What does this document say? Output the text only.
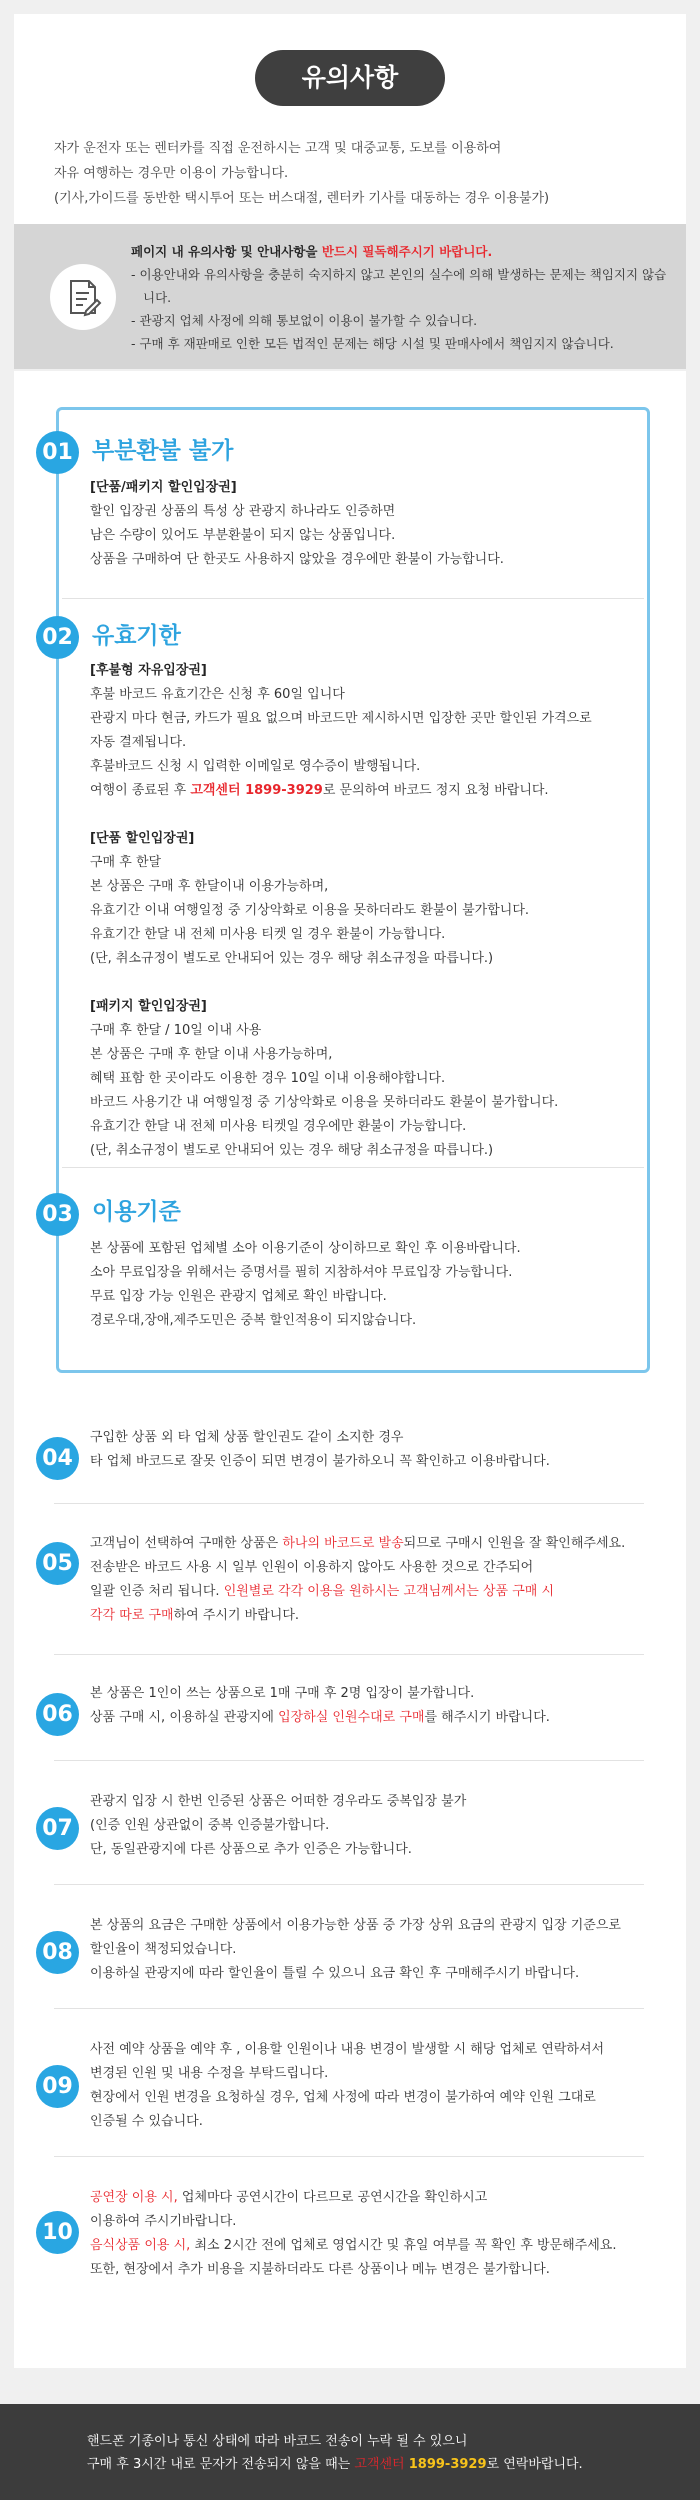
유의사항
자가 운전자 또는 렌터카를 직접 운전하시는 고객 및 대중교통, 도보를 이용하여
자유 여행하는 경우만 이용이 가능합니다.
(기사,가이드를 동반한 택시투어 또는 버스대절, 렌터카 기사를 대동하는 경우 이용불가)
페이지 내 유의사항 및 안내사항을 반드시 필독해주시기 바랍니다.
- 이용안내와 유의사항을 충분히 숙지하지 않고 본인의 실수에 의해 발생하는 문제는 책임지지 않습니다.
- 관광지 업체 사정에 의해 통보없이 이용이 불가할 수 있습니다.
- 구매 후 재판매로 인한 모든 법적인 문제는 해당 시설 및 판매사에서 책임지지 않습니다.
01 부분환불 불가
[단품/패키지 할인입장권]
할인 입장권 상품의 특성 상 관광지 하나라도 인증하면
남은 수량이 있어도 부분환불이 되지 않는 상품입니다.
상품을 구매하여 단 한곳도 사용하지 않았을 경우에만 환불이 가능합니다.
02 유효기한
[후불형 자유입장권]
후불 바코드 유효기간은 신청 후 60일 입니다
관광지 마다 현금, 카드가 필요 없으며 바코드만 제시하시면 입장한 곳만 할인된 가격으로
자동 결제됩니다.
후불바코드 신청 시 입력한 이메일로 영수증이 발행됩니다.
여행이 종료된 후 고객센터 1899-3929로 문의하여 바코드 정지 요청 바랍니다.
[단품 할인입장권]
구매 후 한달
본 상품은 구매 후 한달이내 이용가능하며,
유효기간 이내 여행일정 중 기상악화로 이용을 못하더라도 환불이 불가합니다.
유효기간 한달 내 전체 미사용 티켓 일 경우 환불이 가능합니다.
(단, 취소규정이 별도로 안내되어 있는 경우 해당 취소규정을 따릅니다.)
[패키지 할인입장권]
구매 후 한달 / 10일 이내 사용
본 상품은 구매 후 한달 이내 사용가능하며,
혜택 표함 한 곳이라도 이용한 경우 10일 이내 이용해야합니다.
바코드 사용기간 내 여행일정 중 기상악화로 이용을 못하더라도 환불이 불가합니다.
유효기간 한달 내 전체 미사용 티켓일 경우에만 환불이 가능합니다.
(단, 취소규정이 별도로 안내되어 있는 경우 해당 취소규정을 따릅니다.)
03 이용기준
본 상품에 포함된 업체별 소아 이용기준이 상이하므로 확인 후 이용바랍니다.
소아 무료입장을 위해서는 증명서를 필히 지참하셔야 무료입장 가능합니다.
무료 입장 가능 인원은 관광지 업체로 확인 바랍니다.
경로우대,장애,제주도민은 중복 할인적용이 되지않습니다.
04
구입한 상품 외 타 업체 상품 할인권도 같이 소지한 경우
타 업체 바코드로 잘못 인증이 되면 변경이 불가하오니 꼭 확인하고 이용바랍니다.
05
고객님이 선택하여 구매한 상품은 하나의 바코드로 발송되므로 구매시 인원을 잘 확인해주세요.
전송받은 바코드 사용 시 일부 인원이 이용하지 않아도 사용한 것으로 간주되어
일괄 인증 처리 됩니다. 인원별로 각각 이용을 원하시는 고객님께서는 상품 구매 시
각각 따로 구매하여 주시기 바랍니다.
06
본 상품은 1인이 쓰는 상품으로 1매 구매 후 2명 입장이 불가합니다.
상품 구매 시, 이용하실 관광지에 입장하실 인원수대로 구매를 해주시기 바랍니다.
07
관광지 입장 시 한번 인증된 상품은 어떠한 경우라도 중복입장 불가
(인증 인원 상관없이 중복 인증불가합니다.
단, 동일관광지에 다른 상품으로 추가 인증은 가능합니다.
08
본 상품의 요금은 구매한 상품에서 이용가능한 상품 중 가장 상위 요금의 관광지 입장 기준으로
할인율이 책정되었습니다.
이용하실 관광지에 따라 할인율이 틀릴 수 있으니 요금 확인 후 구매해주시기 바랍니다.
09
사전 예약 상품을 예약 후 , 이용할 인원이나 내용 변경이 발생할 시 해당 업체로 연락하셔서
변경된 인원 및 내용 수정을 부탁드립니다.
현장에서 인원 변경을 요청하실 경우, 업체 사정에 따라 변경이 불가하여 예약 인원 그대로
인증될 수 있습니다.
10
공연장 이용 시, 업체마다 공연시간이 다르므로 공연시간을 확인하시고
이용하여 주시기바랍니다.
음식상품 이용 시, 최소 2시간 전에 업체로 영업시간 및 휴일 여부를 꼭 확인 후 방문해주세요.
또한, 현장에서 추가 비용을 지불하더라도 다른 상품이나 메뉴 변경은 불가합니다.
핸드폰 기종이나 통신 상태에 따라 바코드 전송이 누락 될 수 있으니
구매 후 3시간 내로 문자가 전송되지 않을 때는 고객센터 1899-3929로 연락바랍니다.
